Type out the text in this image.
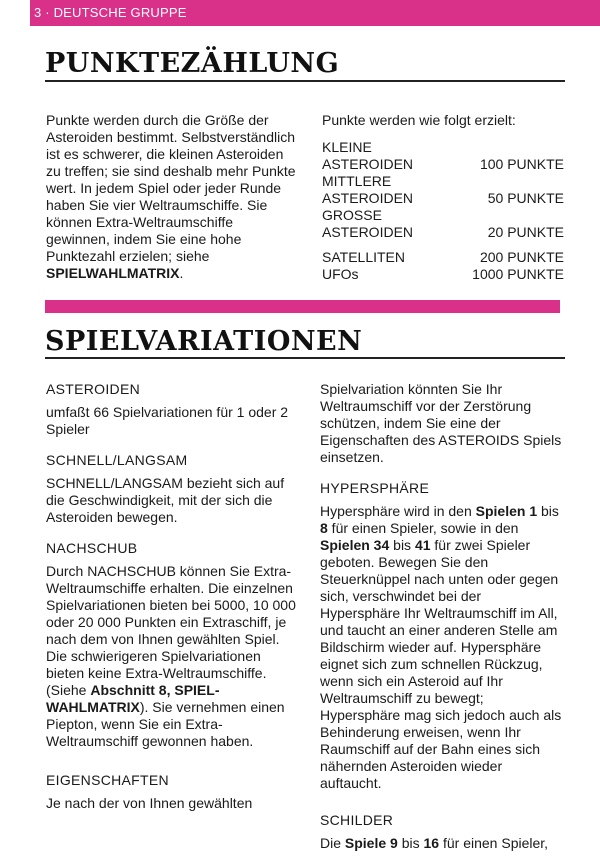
3 · DEUTSCHE GRUPPE
PUNKTEZÄHLUNG

Punkte werden durch die Größe der Asteroiden bestimmt. Selbstverständlich ist es schwerer, die kleinen Asteroiden zu treffen; sie sind deshalb mehr Punkte wert. In jedem Spiel oder jeder Runde haben Sie vier Weltraumschiffe. Sie können Extra-Weltraumschiffe gewinnen, indem Sie eine hohe Punktezahl erzielen; siehe SPIELWAHLMATRIX.

Punkte werden wie folgt erzielt:

KLEINE ASTEROIDEN	100 PUNKTE
MITTLERE ASTEROIDEN	50 PUNKTE
GROSSE ASTEROIDEN	20 PUNKTE
SATELLITEN	200 PUNKTE
UFOs	1000 PUNKTE
SPIELVARIATIONEN
ASTEROIDEN

umfaßt 66 Spielvariationen für 1 oder 2 Spieler

SCHNELL/LANGSAM

SCHNELL/LANGSAM bezieht sich auf die Geschwindigkeit, mit der sich die Asteroiden bewegen.

NACHSCHUB

Durch NACHSCHUB können Sie Extra-Weltraumschiffe erhalten. Die einzelnen Spielvariationen bieten bei 5000, 10 000 oder 20 000 Punkten ein Extraschiff, je nach dem von Ihnen gewählten Spiel. Die schwierigeren Spielvariationen bieten keine Extra-Weltraumschiffe. (Siehe Abschnitt 8, SPIEL-WAHLMATRIX). Sie vernehmen einen Piepton, wenn Sie ein Extra-Weltraumschiff gewonnen haben.

EIGENSCHAFTEN

Je nach der von Ihnen gewählten

Spielvariation könnten Sie Ihr Weltraumschiff vor der Zerstörung schützen, indem Sie eine der Eigenschaften des ASTEROIDS Spiels einsetzen.

HYPERSPHÄRE

Hypersphäre wird in den Spielen 1 bis 8 für einen Spieler, sowie in den Spielen 34 bis 41 für zwei Spieler geboten. Bewegen Sie den Steuerknüppel nach unten oder gegen sich, verschwindet bei der Hypersphäre Ihr Weltraumschiff im All, und taucht an einer anderen Stelle am Bildschirm wieder auf. Hypersphäre eignet sich zum schnellen Rückzug, wenn sich ein Asteroid auf Ihr Weltraumschiff zu bewegt; Hypersphäre mag sich jedoch auch als Behinderung erweisen, wenn Ihr Raumschiff auf der Bahn eines sich nähernden Asteroiden wieder auftaucht.

SCHILDER

Die Spiele 9 bis 16 für einen Spieler,
